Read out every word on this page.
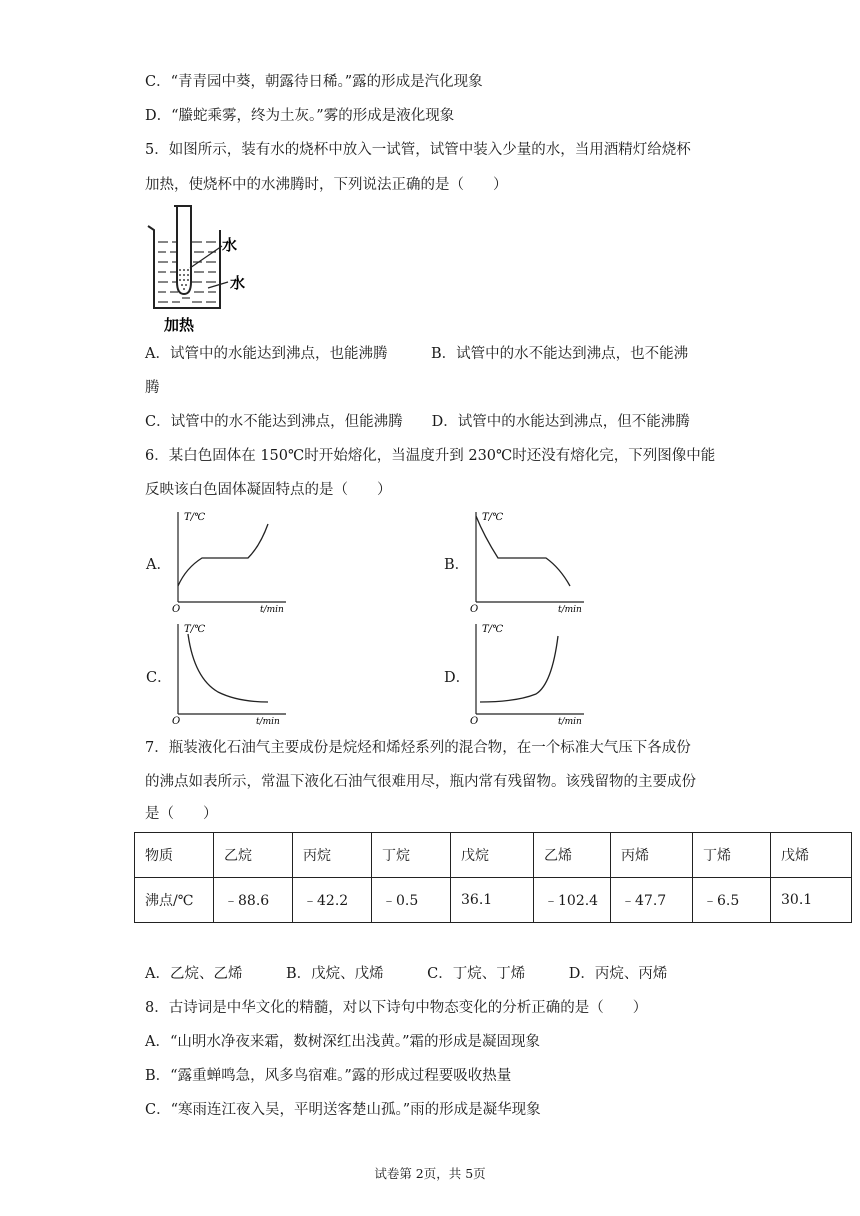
C．“青青园中葵，朝露待日稀。”露的形成是汽化现象
D．“螣蛇乘雾，终为土灰。”雾的形成是液化现象
5．如图所示，装有水的烧杯中放入一试管，试管中装入少量的水，当用酒精灯给烧杯
加热，使烧杯中的水沸腾时，下列说法正确的是（　　）
水
水
加热
A．试管中的水能达到沸点，也能沸腾　　　B．试管中的水不能达到沸点，也不能沸
腾
C．试管中的水不能达到沸点，但能沸腾　　D．试管中的水能达到沸点，但不能沸腾
6．某白色固体在 150℃时开始熔化，当温度升到 230℃时还没有熔化完，下列图像中能
反映该白色固体凝固特点的是（　　）
A．
T/℃
O	t/min
B．
T/℃
O	t/min
C．
T/℃
O	t/min
D．
T/℃
O	t/min
7．瓶装液化石油气主要成份是烷烃和烯烃系列的混合物，在一个标准大气压下各成份
的沸点如表所示，常温下液化石油气很难用尽，瓶内常有残留物。该残留物的主要成份
是（　　）
物质	乙烷	丙烷	丁烷	戊烷	乙烯	丙烯	丁烯	戊烯
沸点/℃	﹣88.6	﹣42.2	﹣0.5	36.1	﹣102.4	﹣47.7	﹣6.5	30.1
A．乙烷、乙烯　　　B．戊烷、戊烯　　　C．丁烷、丁烯　　　D．丙烷、丙烯
8．古诗词是中华文化的精髓，对以下诗句中物态变化的分析正确的是（　　）
A．“山明水净夜来霜，数树深红出浅黄。”霜的形成是凝固现象
B．“露重蝉鸣急，风多鸟宿难。”露的形成过程要吸收热量
C．“寒雨连江夜入吴，平明送客楚山孤。”雨的形成是凝华现象
试卷第 2页，共 5页
